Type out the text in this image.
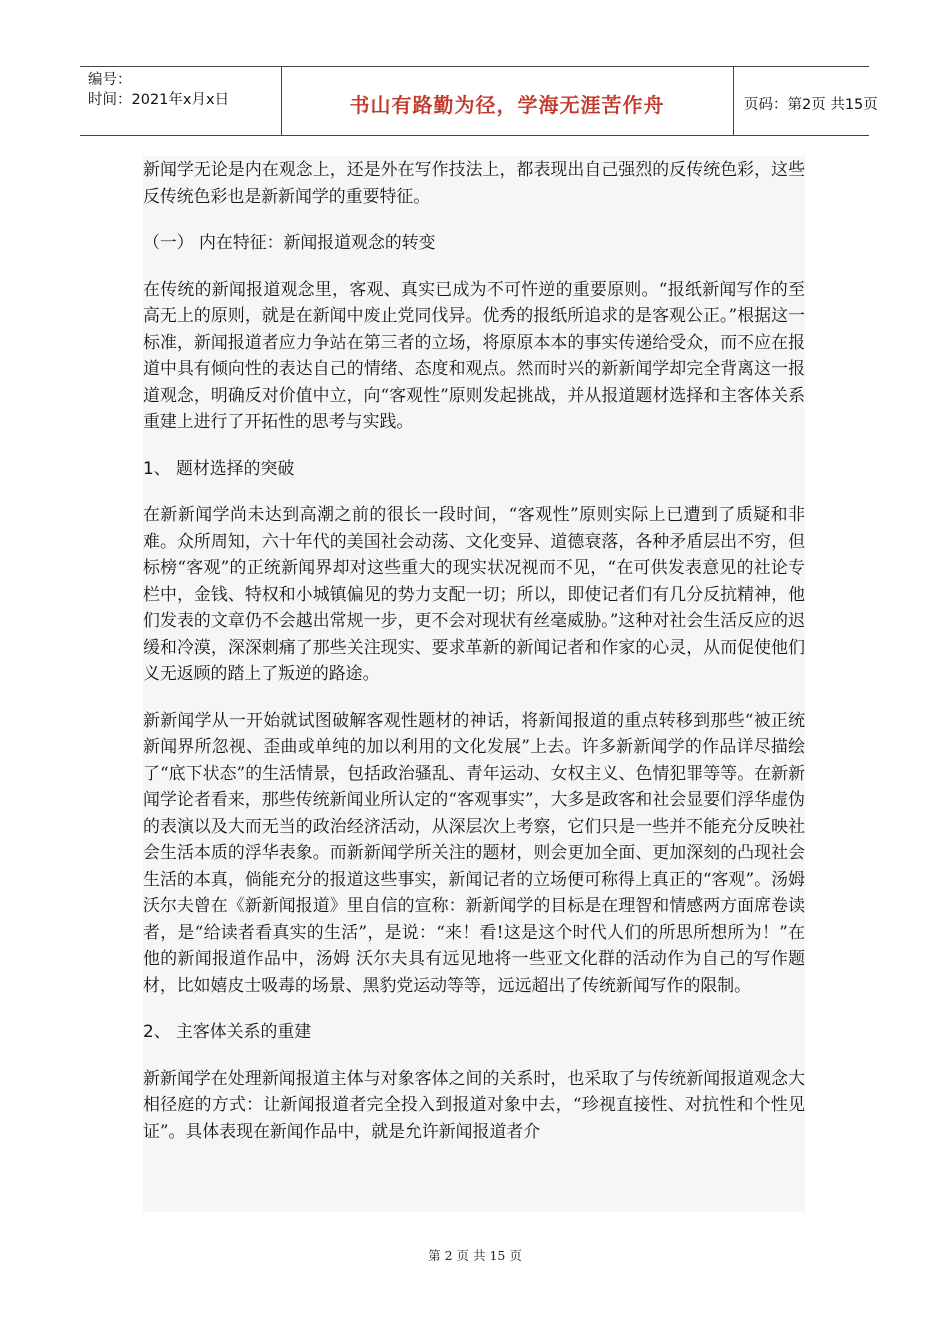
编号：
时间：2021年x月x日	书山有路勤为径，学海无涯苦作舟	页码：第2页 共15页

新闻学无论是内在观念上，还是外在写作技法上，都表现出自己强烈的反传统色彩，这些反传统色彩也是新新闻学的重要特征。

（一） 内在特征：新闻报道观念的转变

在传统的新闻报道观念里，客观、真实已成为不可忤逆的重要原则。“报纸新闻写作的至高无上的原则，就是在新闻中废止党同伐异。优秀的报纸所追求的是客观公正。”根据这一标准，新闻报道者应力争站在第三者的立场，将原原本本的事实传递给受众，而不应在报道中具有倾向性的表达自己的情绪、态度和观点。然而时兴的新新闻学却完全背离这一报道观念，明确反对价值中立，向“客观性”原则发起挑战，并从报道题材选择和主客体关系重建上进行了开拓性的思考与实践。

1、 题材选择的突破

在新新闻学尚未达到高潮之前的很长一段时间，“客观性”原则实际上已遭到了质疑和非难。众所周知，六十年代的美国社会动荡、文化变异、道德衰落，各种矛盾层出不穷，但标榜“客观”的正统新闻界却对这些重大的现实状况视而不见，“在可供发表意见的社论专栏中，金钱、特权和小城镇偏见的势力支配一切；所以，即使记者们有几分反抗精神，他们发表的文章仍不会越出常规一步，更不会对现状有丝毫威胁。”这种对社会生活反应的迟缓和冷漠，深深刺痛了那些关注现实、要求革新的新闻记者和作家的心灵，从而促使他们义无返顾的踏上了叛逆的路途。

新新闻学从一开始就试图破解客观性题材的神话，将新闻报道的重点转移到那些“被正统新闻界所忽视、歪曲或单纯的加以利用的文化发展”上去。许多新新闻学的作品详尽描绘了“底下状态”的生活情景，包括政治骚乱、青年运动、女权主义、色情犯罪等等。在新新闻学论者看来，那些传统新闻业所认定的“客观事实”，大多是政客和社会显要们浮华虚伪的表演以及大而无当的政治经济活动，从深层次上考察，它们只是一些并不能充分反映社会生活本质的浮华表象。而新新闻学所关注的题材，则会更加全面、更加深刻的凸现社会生活的本真，倘能充分的报道这些事实，新闻记者的立场便可称得上真正的“客观”。汤姆 沃尔夫曾在《新新闻报道》里自信的宣称：新新闻学的目标是在理智和情感两方面席卷读者，是“给读者看真实的生活”，是说：“来！看!这是这个时代人们的所思所想所为！”在他的新闻报道作品中，汤姆 沃尔夫具有远见地将一些亚文化群的活动作为自己的写作题材，比如嬉皮士吸毒的场景、黑豹党运动等等，远远超出了传统新闻写作的限制。

2、 主客体关系的重建

新新闻学在处理新闻报道主体与对象客体之间的关系时，也采取了与传统新闻报道观念大相径庭的方式：让新闻报道者完全投入到报道对象中去，“珍视直接性、对抗性和个性见证”。具体表现在新闻作品中，就是允许新闻报道者介

第 2 页 共 15 页
